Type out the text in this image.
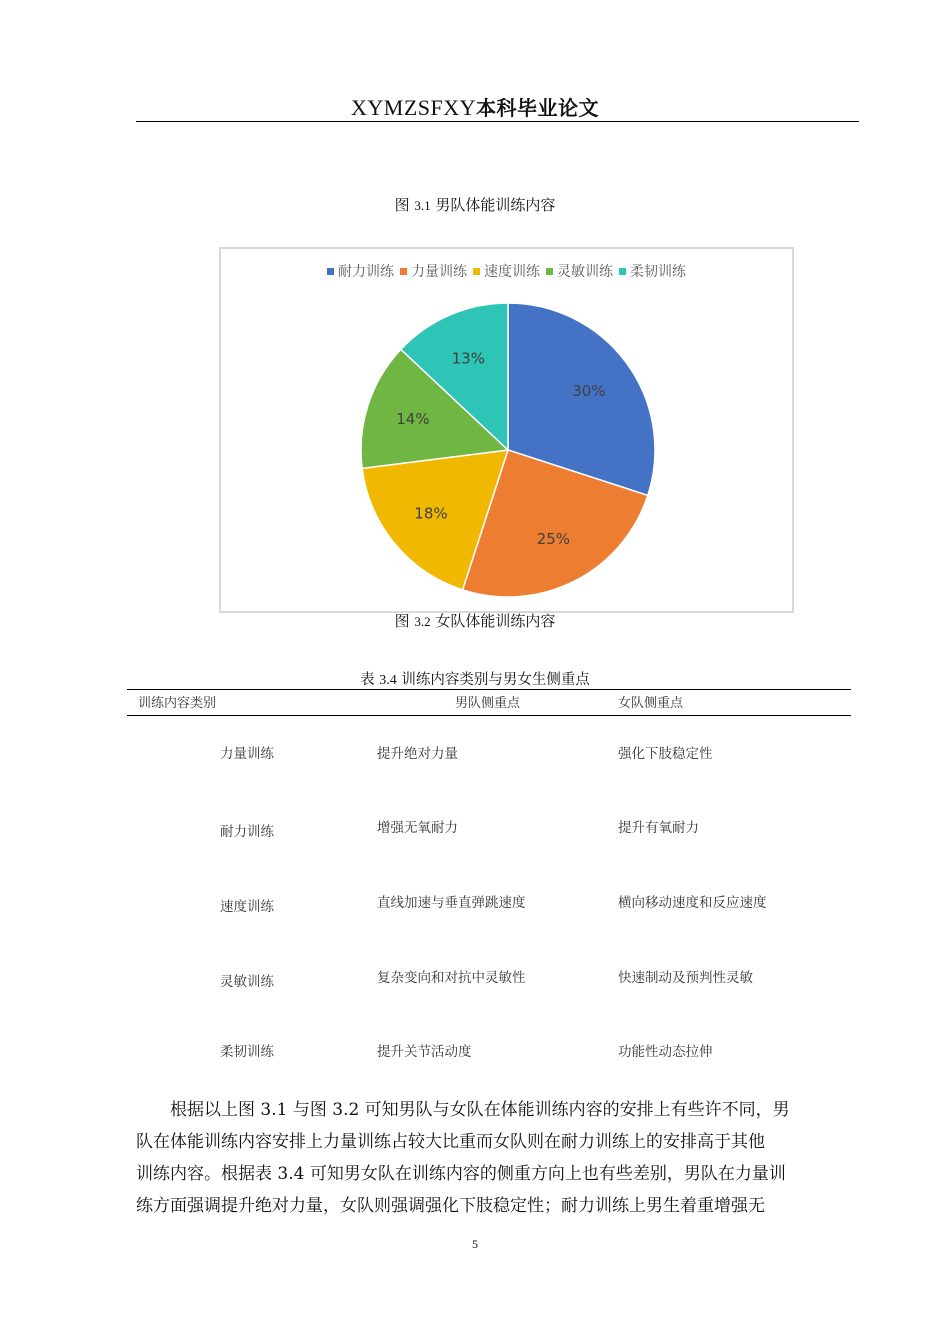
XYMZSFXY本科毕业论文
图 3.1 男队体能训练内容
耐力训练 力量训练 速度训练 灵敏训练 柔韧训练
30%
25%
18%
14%
13%
图 3.2 女队体能训练内容
表 3.4 训练内容类别与男女生侧重点
训练内容类别	男队侧重点	女队侧重点
力量训练	提升绝对力量	强化下肢稳定性
耐力训练	增强无氧耐力	提升有氧耐力
速度训练	直线加速与垂直弹跳速度	横向移动速度和反应速度
灵敏训练	复杂变向和对抗中灵敏性	快速制动及预判性灵敏
柔韧训练	提升关节活动度	功能性动态拉伸
根据以上图 3.1 与图 3.2 可知男队与女队在体能训练内容的安排上有些许不同，男
队在体能训练内容安排上力量训练占较大比重而女队则在耐力训练上的安排高于其他
训练内容。根据表 3.4 可知男女队在训练内容的侧重方向上也有些差别，男队在力量训
练方面强调提升绝对力量，女队则强调强化下肢稳定性；耐力训练上男生着重增强无
5
